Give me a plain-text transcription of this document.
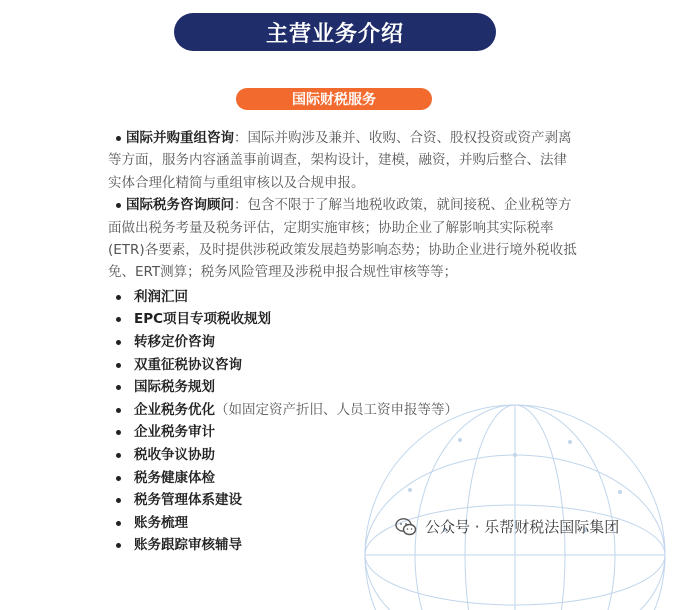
主营业务介绍
国际财税服务

国际并购重组咨询：国际并购涉及兼并、收购、合资、股权投资或资产剥离等方面，服务内容涵盖事前调查，架构设计，建模，融资，并购后整合、法律实体合理化精简与重组审核以及合规申报。

国际税务咨询顾问：包含不限于了解当地税收政策，就间接税、企业税等方面做出税务考量及税务评估，定期实施审核；协助企业了解影响其实际税率(ETR)各要素，及时提供涉税政策发展趋势影响态势；协助企业进行境外税收抵免、ERT测算；税务风险管理及涉税申报合规性审核等等；

利润汇回
EPC项目专项税收规划
转移定价咨询
双重征税协议咨询
国际税务规划
企业税务优化（如固定资产折旧、人员工资申报等等）
企业税务审计
税收争议协助
税务健康体检
税务管理体系建设
账务梳理
账务跟踪审核辅导
公众号 · 乐帮财税法国际集团
